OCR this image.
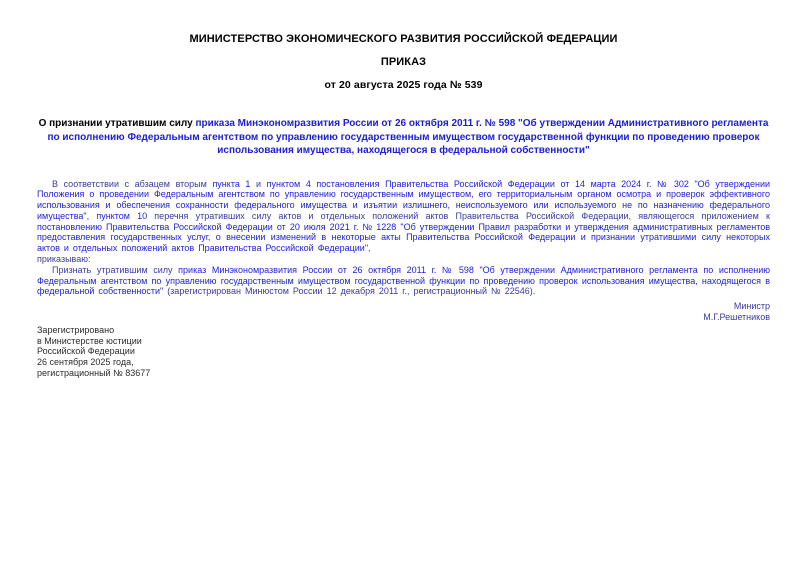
МИНИСТЕРСТВО ЭКОНОМИЧЕСКОГО РАЗВИТИЯ РОССИЙСКОЙ ФЕДЕРАЦИИ
ПРИКАЗ
от 20 августа 2025 года № 539
О признании утратившим силу приказа Минэкономразвития России от 26 октября 2011 г. № 598 "Об утверждении Административного регламента по исполнению Федеральным агентством по управлению государственным имуществом государственной функции по проведению проверок использования имущества, находящегося в федеральной собственности"
В соответствии с абзацем вторым пункта 1 и пунктом 4 постановления Правительства Российской Федерации от 14 марта 2024 г. № 302 "Об утверждении Положения о проведении Федеральным агентством по управлению государственным имуществом, его территориальным органом осмотра и проверок эффективного использования и обеспечения сохранности федерального имущества и изъятии излишнего, неиспользуемого или используемого не по назначению федерального имущества", пунктом 10 перечня утративших силу актов и отдельных положений актов Правительства Российской Федерации, являющегося приложением к постановлению Правительства Российской Федерации от 20 июля 2021 г. № 1228 "Об утверждении Правил разработки и утверждения административных регламентов предоставления государственных услуг, о внесении изменений в некоторые акты Правительства Российской Федерации и признании утратившими силу некоторых актов и отдельных положений актов Правительства Российской Федерации",
приказываю:
Признать утратившим силу приказ Минэкономразвития России от 26 октября 2011 г. № 598 "Об утверждении Административного регламента по исполнению Федеральным агентством по управлению государственным имуществом государственной функции по проведению проверок использования имущества, находящегося в федеральной собственности" (зарегистрирован Минюстом России 12 декабря 2011 г., регистрационный № 22546).
Министр
М.Г.Решетников
Зарегистрировано
в Министерстве юстиции
Российской Федерации
26 сентября 2025 года,
регистрационный № 83677
